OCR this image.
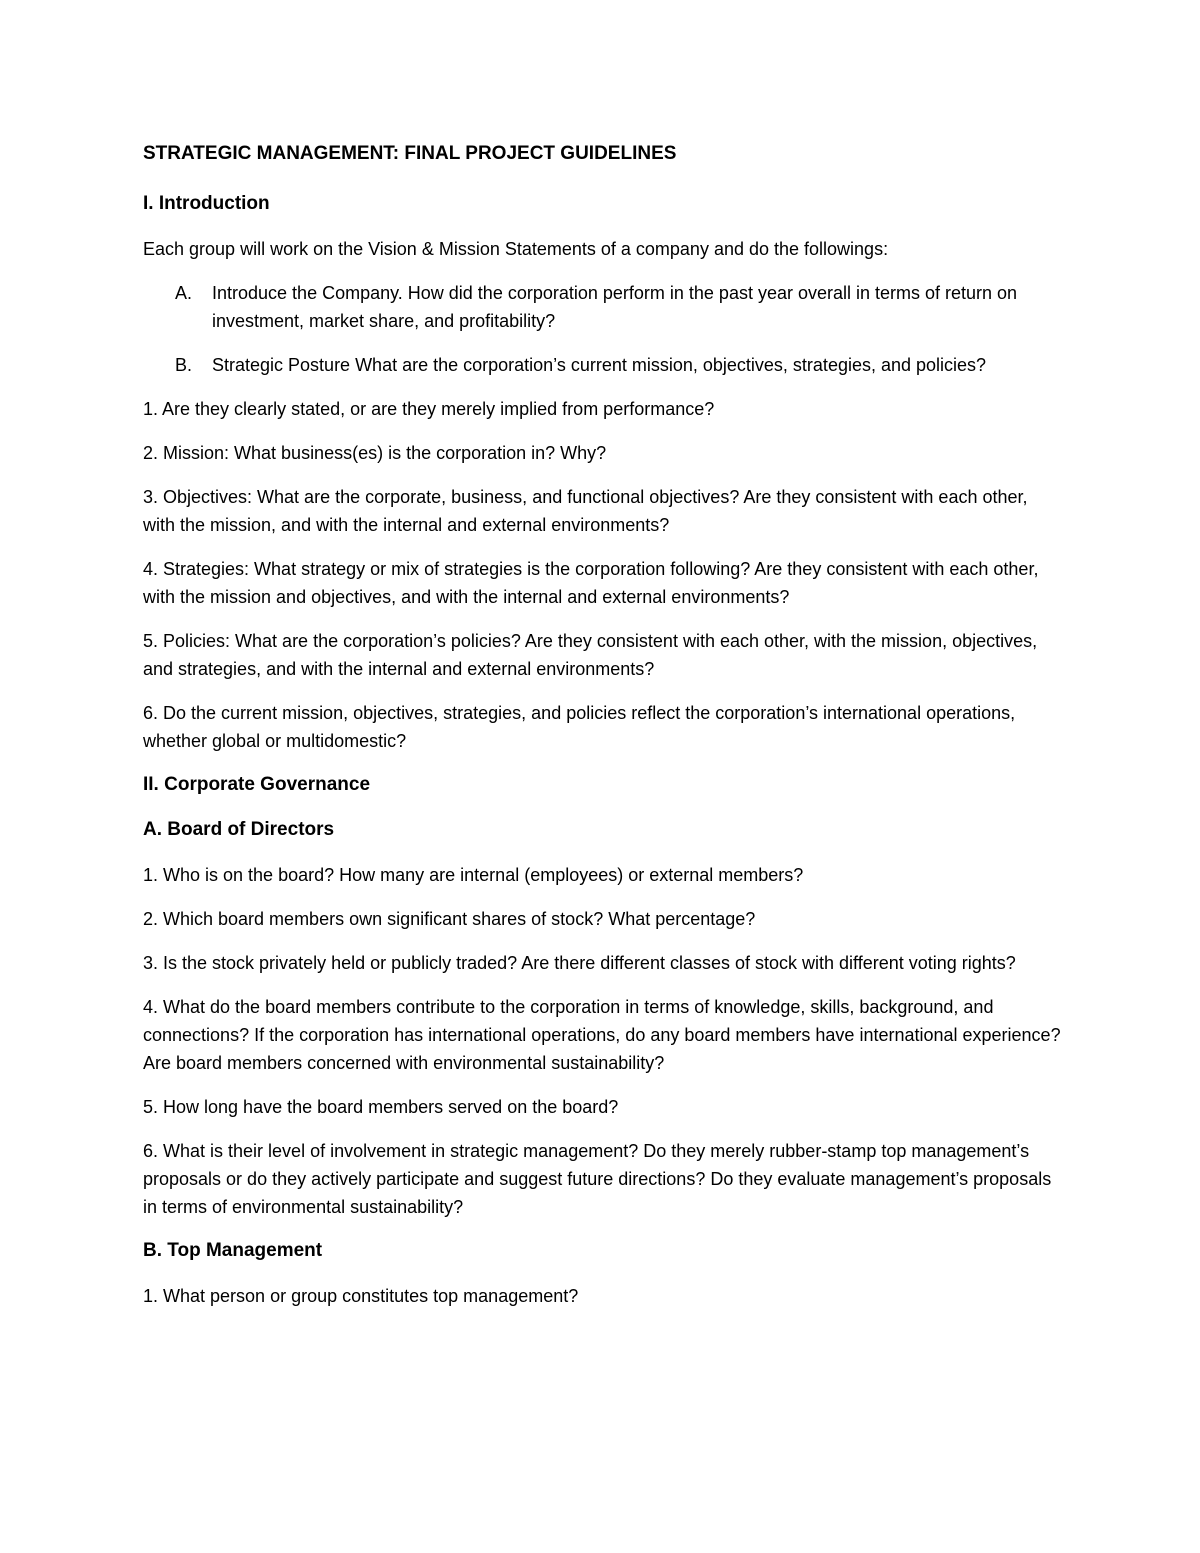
STRATEGIC MANAGEMENT: FINAL PROJECT GUIDELINES
I. Introduction

Each group will work on the Vision & Mission Statements of a company and do the followings:

A.	Introduce the Company. How did the corporation perform in the past year overall in terms of return on investment, market share, and profitability?
B.	Strategic Posture What are the corporation’s current mission, objectives, strategies, and policies?

1. Are they clearly stated, or are they merely implied from performance?

2. Mission: What business(es) is the corporation in? Why?

3. Objectives: What are the corporate, business, and functional objectives? Are they consistent with each other, with the mission, and with the internal and external environments?

4. Strategies: What strategy or mix of strategies is the corporation following? Are they consistent with each other, with the mission and objectives, and with the internal and external environments?

5. Policies: What are the corporation’s policies? Are they consistent with each other, with the mission, objectives, and strategies, and with the internal and external environments?

6. Do the current mission, objectives, strategies, and policies reflect the corporation’s international operations, whether global or multidomestic?

II. Corporate Governance
A. Board of Directors

1. Who is on the board? How many are internal (employees) or external members?

2. Which board members own significant shares of stock? What percentage?

3. Is the stock privately held or publicly traded? Are there different classes of stock with different voting rights?

4. What do the board members contribute to the corporation in terms of knowledge, skills, background, and connections? If the corporation has international operations, do any board members have international experience? Are board members concerned with environmental sustainability?

5. How long have the board members served on the board?

6. What is their level of involvement in strategic management? Do they merely rubber-stamp top management’s proposals or do they actively participate and suggest future directions? Do they evaluate management’s proposals in terms of environmental sustainability?

B. Top Management

1. What person or group constitutes top management?
